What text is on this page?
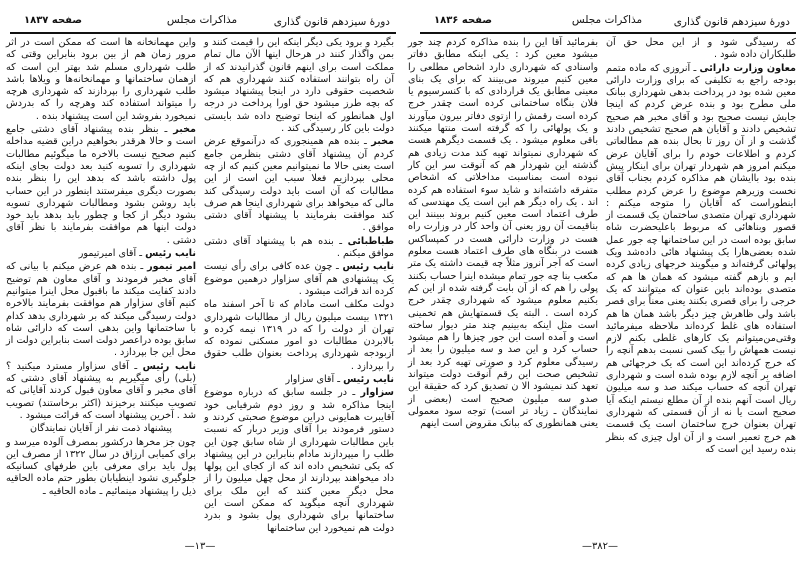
دورهٔ سیزدهم قانون گذاری
مذاکرات مجلس
صفحه ۱۸۳۷

بگیرد و برود یکی دیگر اینکه این را قیمت کنند و بمن واگذار کنند در هرحال اینها الآن مال تمام مملکت است برای اینهم قانون گذرانیدند که از آن راه بتوانند استفاده کنند شهرداری هم که شخصیت حقوقی دارد در اینجا پیشنهاد میشود که بچه طرز میشود حق اورا پرداخت در درجه اول همانطور که اینجا توضیح داده شد بایستی دولت باین کار رسیدگی کند .

مخبر ـ بنده هم همینجوری که درآنموقع عرض کردم آن پیشنهاد آقای دشتی بنظرمن جامع است یعنی حالا ما نمیتوانیم معین کنیم که از چه محلی بپردازیم فعلا سبب این است از این مطالبات که آن است باید دولت رسیدگی کند مالی که میخواهد برای شهرداری اینجا هم صرف کند موافقت بفرمایند با پیشنهاد آقای دشتی موافق .

طباطبائی ـ بنده هم با پیشنهاد آقای دشتی موافق میکنم .

نایب رئیس ـ چون عده کافی برای رأی نیست یک پیشنهادی هم آقای سزاوار درهمین موضوع کرده اند قرائت میشود .

دولت مکلف است مادام که تا آخر اسفند ماه ۱۳۲۱ بیست میلیون ریال از مطالبات شهرداری تهران از دولت را که در ۱۳۱۹ نیمه کرده و بالابردن مطالبات دو امور مسکنی نموده که ازبودجه شهرداری پرداخت بعنوان طلب حقوق را بپردازد .

نایب رئیس ـ آقای سزاوار

سزاوار ـ در جلسه سابق که درباره موضوع اینجا مذاکره شد و روز دوم شرفیابی خود آقایبرت همایونی دراین موضوع صحبتی کردند و دستور فرمودند برا آقای وزیر دربار که نسبت باین مطالبات شهرداری از شاه سابق چون این طلب را میپردازند مادام بنابراین در این پیشنهاد که یکی تشخیص داده اند که از کجای این پولها داد میخواهند بپردازند از محل چهل میلیون را از محل دیگر معین کنند که این ملک برای شهرداری آنچه میگوید که ممکن است این ساختمانها برای شهرداری پول بشود و بدرد دولت هم نمیخورد این ساختمانها

واین مهمانخانه ها است که ممکن است در اثر مرور زمان هم از بین برود بنابراین وقتی که طلب شهرداری مسلم شد بهتر این است که ازهمان ساختمانها و مهمانخانه‌ها و ویلاها باشد طلب شهرداری را بپردازند که شهرداری هرچه را میتواند استفاده کند وهرچه را که بدردش نمیخورد بفروشد این است پیشنهاد بنده .

مخبر ـ بنظر بنده پیشنهاد آقای دشتی جامع است و حالا هرقدر بخواهیم دراین قضیه مداخله کنیم صحیح نیست بالاخره ما میگوئیم مطالبات شهرداری را تسویه کنید بعد دولت بجای اینکه پول داشته باشد که بدهد این را بنظر بنده بصورت دیگری میفرستند اینطور در این حساب باید روشن بشود ومطالبات شهرداری تسویه بشود دیگر از کجا و چطور باید بدهد باید خود دولت اینها هم موافقت بفرمایند با نظر آقای دشتی .

نایب رئیس ـ آقای امیرتیمور

امیر تیمور ـ بنده هم عرض میکنم با بیانی که آقای مخبر فرمودند و آقای معاون هم توضیح دادند کفایت میکند ما باقبول محل اینرا میتوانیم کنیم آقای سزاوار هم موافقت بفرمایند بالاخره دولت رسیدگی میکند که بر شهرداری بدهد کدام با ساختمانها واین بدهی است که دارائی شاه سابق بوده دراعصر دولت است بنابراین دولت از محل این جا بپردازد .

نایب رئیس ـ آقای سزاوار مسترد میکنید ؟ (بلی) رأی میگیریم به پیشنهاد آقای دشتی که آقای مخبر و آقای معاون قبول کردند آقایانی که تصویب میکنند برخیزند (اکثر برخاستند) تصویب شد . آخرین پیشنهاد است که قرائت میشود .

پیشنهاد ذمت نفر از آقایان نمایندگان

چون جز مخرها درکشور بمصرف آلوده میرسد و برای کمیابی ارزاق در سال ۱۳۲۲ از مصرف این پول باید برای معرفی باین طرفهای کسانیکه جلوگیری نشود اینطیابان بطور حتم ماده الحاقیه ذیل را پیشنهاد مینمائیم ـ ماده الحاقیه ـ

—۱۳—
دورهٔ سیزدهم قانون گذاری
مذاکرات مجلس
صفحه ۱۸۳۶

که رسیدگی شود و از این محل حق آن طلبکاران داده شود .

معاون وزارت دارائی ـ آنروزی که ماده متمم بودجه راجع به تکلیفی که برای وزارت دارائی معین شده بود در پرداخت بدهی شهرداری ببانک ملی مطرح بود و بنده عرض کردم که اینجا جایش نیست صحیح بود و آقای مخبر هم صحیح تشخیص دادند و آقایان هم صحیح تشخیص دادند گذشت و از آن روز تا بحال بنده هم مطالعاتی کردم و اطلاعات خودم را برای آقایان عرض میکنم امروز هم شهردار تهران برای اینکار پیش بنده بود باایشان هم مذاکره کردم بجناب آقای نخست وزیرهم موضوع را عرض کردم مطلب اینطوراست که آقایان را متوجه میکنم : شهرداری تهران متصدی ساختمان یک قسمت از قصور وبناهائی که مربوط باعلیحضرت شاه سابق بوده است در این ساختمانها چه جور عمل شده بعضی‌هارا یک پیشنهاد هائی داده‌شد ویک پولهائی گرفته‌اند و میگویند خرجهای زیادی کرده ایم و بازهم گفته میشود که همان ها هم که متصدی بوده‌اند باین عنوان که میتوانند که یک خرجی را برای قصری بکنند یعنی معناً برای قصر باشد ولی ظاهرش چیز دیگر باشد همان ها هم استفاده های غلط کرده‌اند ملاحظه میفرمائید وقتی‌من‌میتوانم یک کارهای غلطی بکنم لازم نیست همهاش را بیک کسی نسبت بدهم آنچه را که خرج کرده‌اند این است که یک خرجهائی هم اضافه بر آنچه لازم بوده شده است و شهرداری تهران آنچه که حساب میکند صد و سه میلیون ریال است آنهم بنده از آن مطلع نیستم اینکه آیا صحیح است یا نه از آن قسمتی که شهرداری تهران بعنوان خرج ساختمان است یک قسمت هم خرج تعمیر است و از آن اول چیزی که بنظر بنده رسید این است که

بفرمائید آقا این را بنده مذاکره کردم چند جور میشود معین کرد : یکی اینکه مطابق دفاتر واسنادی که شهرداری دارد اشخاص مطلعی را معین کنیم میروند می‌بینند که برای یک بنای معینی مطابق یک قراردادی که با کنسرسیوم یا فلان بنگاه ساختمانی کرده است چقدر خرج کرده است رقمش را ازتوی دفاتر بیرون میآورند و یک پولهائی را که گرفته است منتها میکنند باقی معلوم میشود . یک قسمت دیگرهم هست که شهرداری نمیتواند تهیه کند مدت زیادی هم گذشته این شهردار هم که آنوقت سر این کار نبوده است بمناسبت مداخلاتی که اشخاص متفرقه داشته‌اند و شاید سوء استفاده هم کرده اند . یک راه دیگر هم این است یک مهندسی که طرف اعتماد است معین کنیم بروند ببینند این بناقیمت آن روز یعنی آن واحد کار در وزارت راه هست در وزارت دارائی هست در کمپساکس هست در بنگاه های طرف اعتماد هست معلوم است که آجر آنروز مثلاً چه قیمت داشته یک متر مکعب بنا چه جور تمام میشده اینرا حساب بکنند پولی را هم که از آن بابت گرفته شده از این کم بکنیم معلوم میشود که شهرداری چقدر خرج کرده است . البته یک قسمتهایش هم تخمینی است مثل اینکه به‌بینیم چند متر دیوار ساخته است و آمده است این جور چیزها را هم میشود حساب کرد و این صد و سه میلیون را بعد از رسیدگی معلوم کرد و صورتی تهیه کرد بعد از تشخیص صحت این رقم آنوقت دولت میتواند تعهد کند نمیشود الا ن تصدیق کرد که حقیقة این صدو سه میلیون صحیح است (بعضی از نمایندگان ـ زیاد تر است) توجه سود معمولی یعنی همانطوری که ببانک مقروض است اینهم

—۳۸۲—
